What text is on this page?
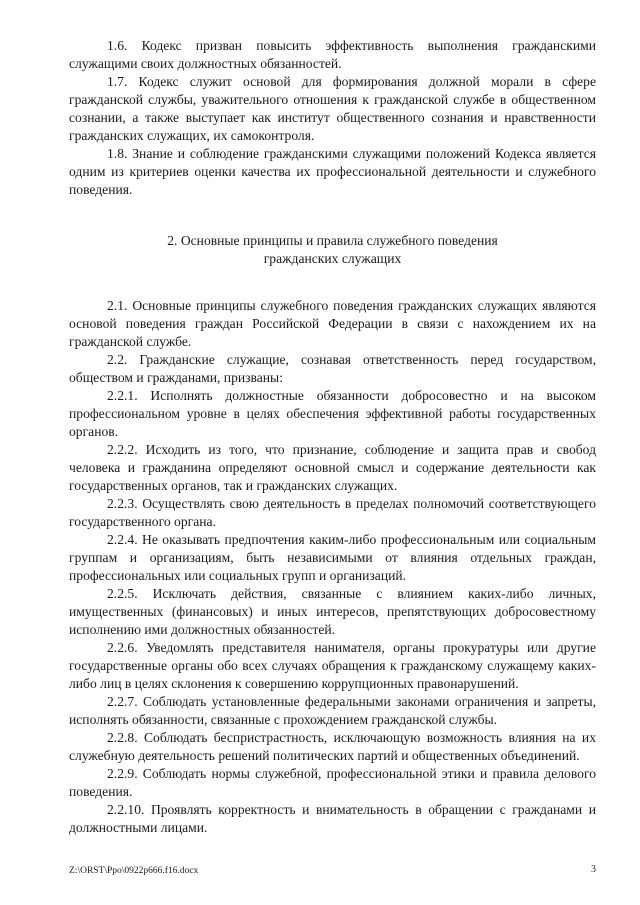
1.6. Кодекс призван повысить эффективность выполнения гражданскими служащими своих должностных обязанностей.

1.7. Кодекс служит основой для формирования должной морали в сфере гражданской службы, уважительного отношения к гражданской службе в общественном сознании, а также выступает как институт общественного сознания и нравственности гражданских служащих, их самоконтроля.

1.8. Знание и соблюдение гражданскими служащими положений Кодекса является одним из критериев оценки качества их профессиональной деятельности и служебного поведения.

2. Основные принципы и правила служебного поведения
гражданских служащих

2.1. Основные принципы служебного поведения гражданских служащих являются основой поведения граждан Российской Федерации в связи с нахождением их на гражданской службе.

2.2. Гражданские служащие, сознавая ответственность перед государством, обществом и гражданами, призваны:

2.2.1. Исполнять должностные обязанности добросовестно и на высоком профессиональном уровне в целях обеспечения эффективной работы государственных органов.

2.2.2. Исходить из того, что признание, соблюдение и защита прав и свобод человека и гражданина определяют основной смысл и содержание деятельности как государственных органов, так и гражданских служащих.

2.2.3. Осуществлять свою деятельность в пределах полномочий соответствующего государственного органа.

2.2.4. Не оказывать предпочтения каким-либо профессиональным или социальным группам и организациям, быть независимыми от влияния отдельных граждан, профессиональных или социальных групп и организаций.

2.2.5. Исключать действия, связанные с влиянием каких-либо личных, имущественных (финансовых) и иных интересов, препятствующих добросовестному исполнению ими должностных обязанностей.

2.2.6. Уведомлять представителя нанимателя, органы прокуратуры или другие государственные органы обо всех случаях обращения к гражданскому служащему каких-либо лиц в целях склонения к совершению коррупционных правонарушений.

2.2.7. Соблюдать установленные федеральными законами ограничения и запреты, исполнять обязанности, связанные с прохождением гражданской службы.

2.2.8. Соблюдать беспристрастность, исключающую возможность влияния на их служебную деятельность решений политических партий и общественных объединений.

2.2.9. Соблюдать нормы служебной, профессиональной этики и правила делового поведения.

2.2.10. Проявлять корректность и внимательность в обращении с гражданами и должностными лицами.

Z:\ORST\Ppo\0922p666.f16.docx	3
